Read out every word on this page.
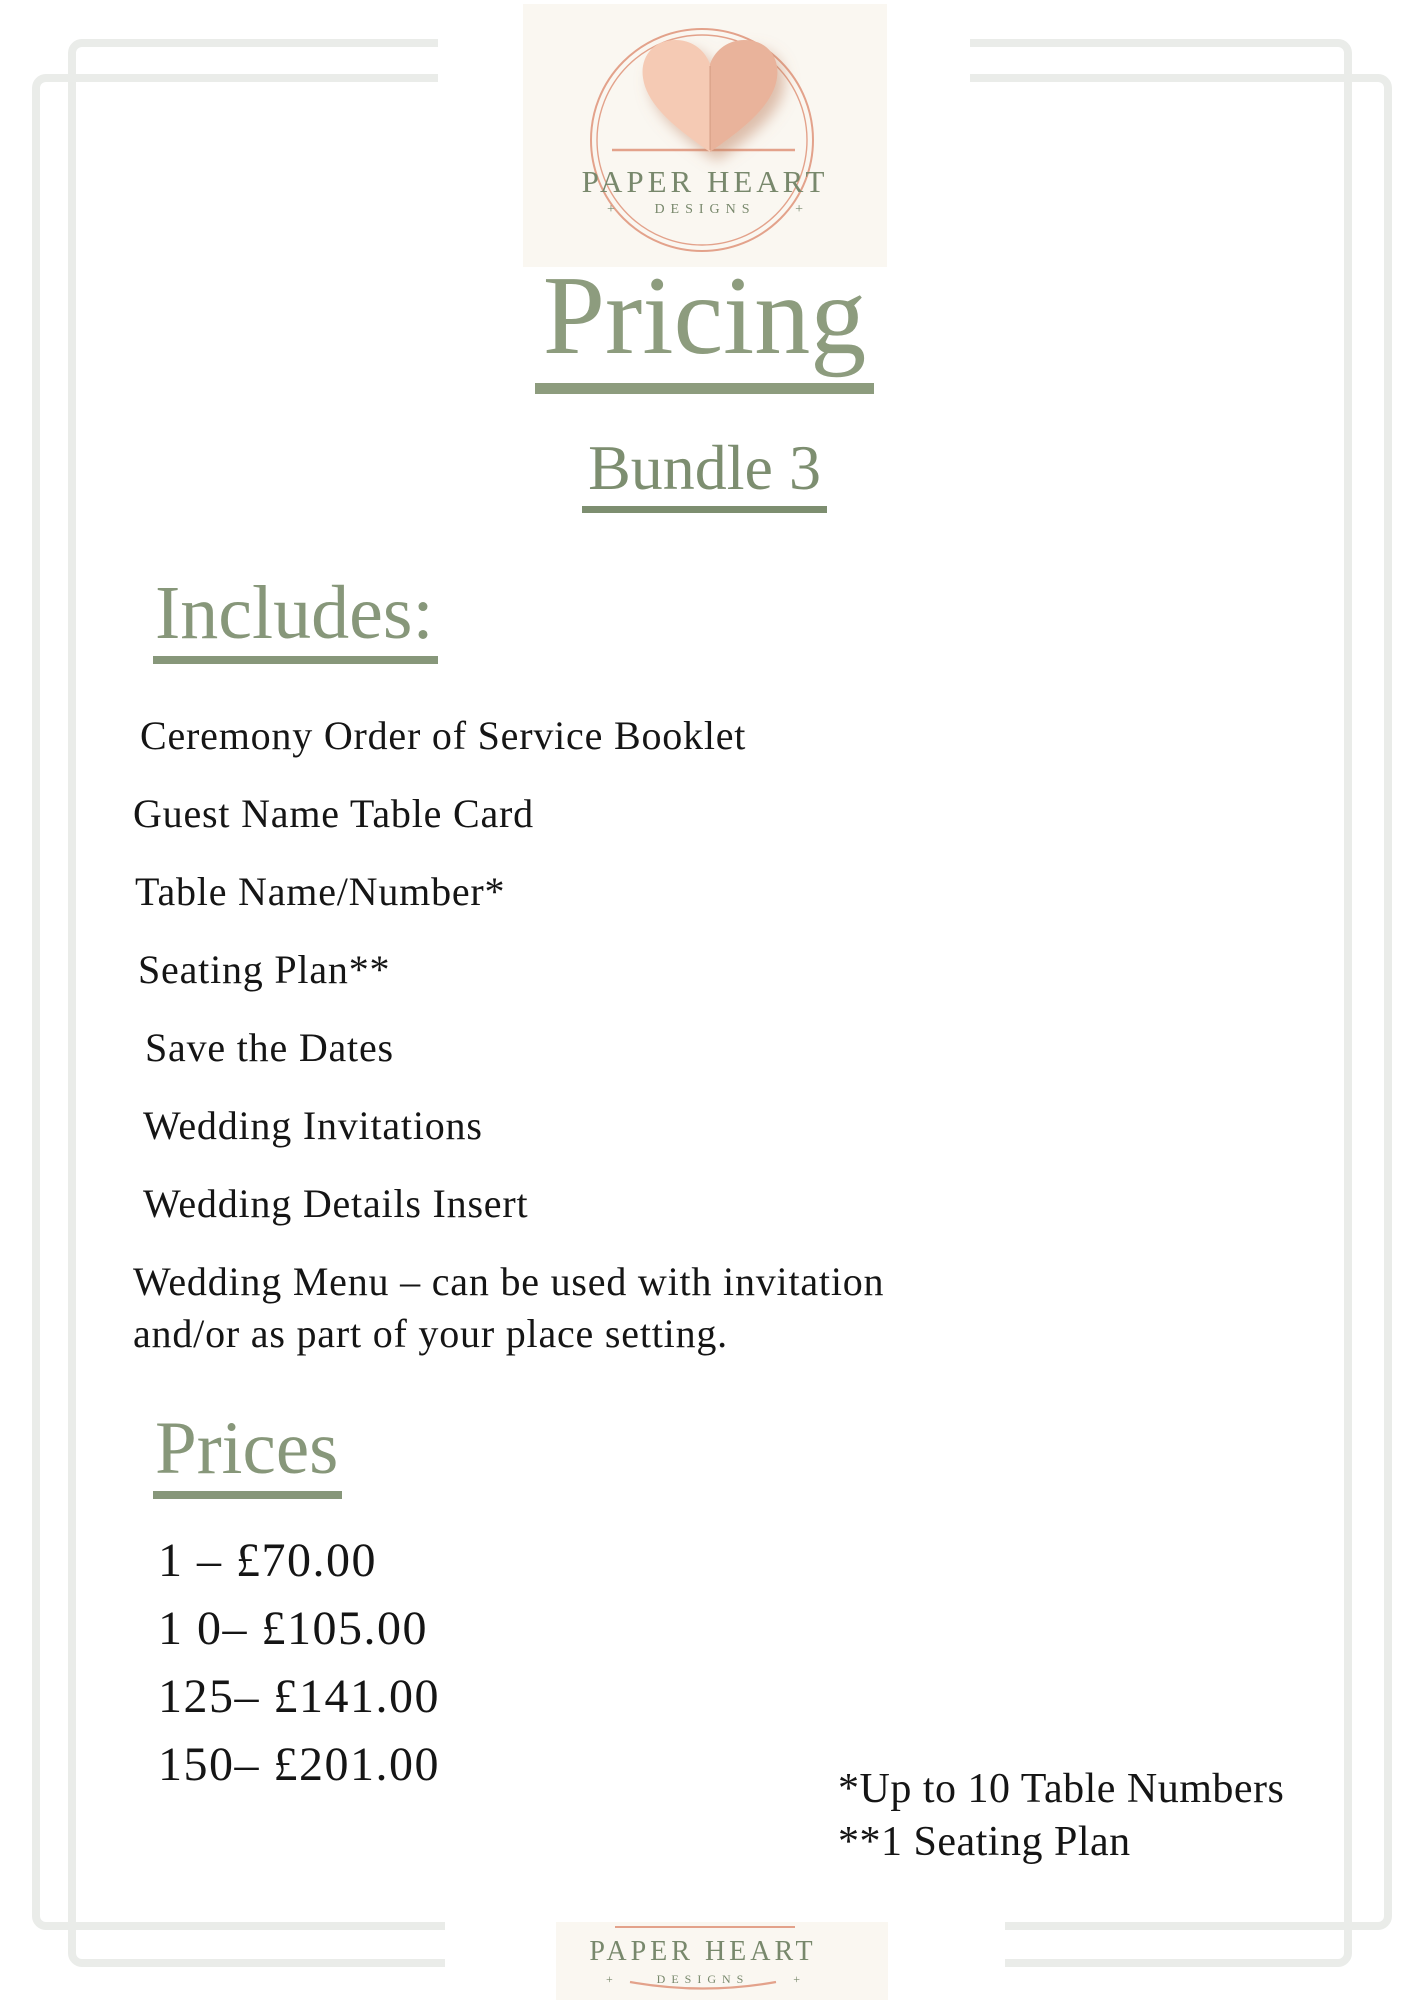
PAPER HEART
+	DESIGNS	+
Pricing
Bundle 3
Includes:
Ceremony Order of Service Booklet
Guest Name Table Card
Table Name/Number*
Seating Plan**
Save the Dates
Wedding Invitations
Wedding Details Insert
Wedding Menu – can be used with invitation
and/or as part of your place setting.
Prices
1 – £70.00
1 0– £105.00
125– £141.00
150– £201.00	*Up to 10 Table Numbers
**1 Seating Plan
PAPER HEART
+	DESIGNS	+
